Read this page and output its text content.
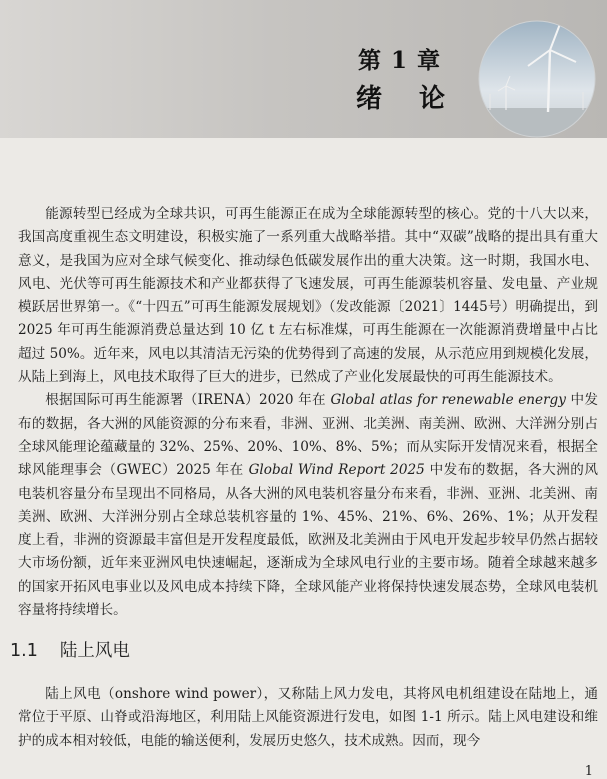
第 1 章
绪 论

能源转型已经成为全球共识，可再生能源正在成为全球能源转型的核心。党的十八大以来，我国高度重视生态文明建设，积极实施了一系列重大战略举措。其中“双碳”战略的提出具有重大意义，是我国为应对全球气候变化、推动绿色低碳发展作出的重大决策。这一时期，我国水电、风电、光伏等可再生能源技术和产业都获得了飞速发展，可再生能源装机容量、发电量、产业规模跃居世界第一。《“十四五”可再生能源发展规划》（发改能源〔2021〕1445号）明确提出，到 2025 年可再生能源消费总量达到 10 亿 t 左右标准煤，可再生能源在一次能源消费增量中占比超过 50%。近年来，风电以其清洁无污染的优势得到了高速的发展，从示范应用到规模化发展，从陆上到海上，风电技术取得了巨大的进步，已然成了产业化发展最快的可再生能源技术。

根据国际可再生能源署（IRENA）2020 年在 Global atlas for renewable energy 中发布的数据，各大洲的风能资源的分布来看，非洲、亚洲、北美洲、南美洲、欧洲、大洋洲分别占全球风能理论蕴藏量的 32%、25%、20%、10%、8%、5%；而从实际开发情况来看，根据全球风能理事会（GWEC）2025 年在 Global Wind Report 2025 中发布的数据，各大洲的风电装机容量分布呈现出不同格局，从各大洲的风电装机容量分布来看，非洲、亚洲、北美洲、南美洲、欧洲、大洋洲分别占全球总装机容量的 1%、45%、21%、6%、26%、1%；从开发程度上看，非洲的资源最丰富但是开发程度最低，欧洲及北美洲由于风电开发起步较早仍然占据较大市场份额，近年来亚洲风电快速崛起，逐渐成为全球风电行业的主要市场。随着全球越来越多的国家开拓风电事业以及风电成本持续下降，全球风能产业将保持快速发展态势，全球风电装机容量将持续增长。

1.1 陆上风电

陆上风电（onshore wind power），又称陆上风力发电，其将风电机组建设在陆地上，通常位于平原、山脊或沿海地区，利用陆上风能资源进行发电，如图 1-1 所示。陆上风电建设和维护的成本相对较低，电能的输送便利，发展历史悠久，技术成熟。因而，现今

1
